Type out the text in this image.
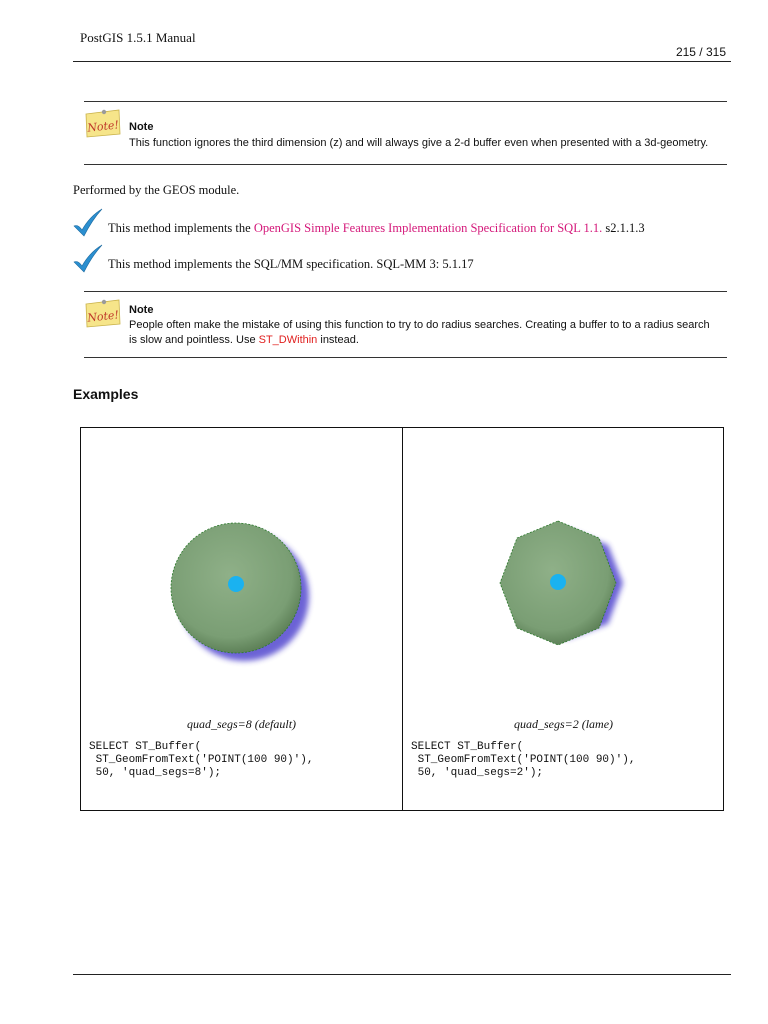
PostGIS 1.5.1 Manual
215 / 315
Note! Note
This function ignores the third dimension (z) and will always give a 2-d buffer even when presented with a 3d-geometry.
Performed by the GEOS module.
This method implements the OpenGIS Simple Features Implementation Specification for SQL 1.1. s2.1.1.3
This method implements the SQL/MM specification. SQL-MM 3: 5.1.17
Note! Note
People often make the mistake of using this function to try to do radius searches. Creating a buffer to to a radius search
is slow and pointless. Use ST_DWithin instead.
Examples
quad_segs=8 (default)
SELECT ST_Buffer(
ST_GeomFromText('POINT(100 90)'),
50, 'quad_segs=8');
quad_segs=2 (lame)
SELECT ST_Buffer(
ST_GeomFromText('POINT(100 90)'),
50, 'quad_segs=2');
